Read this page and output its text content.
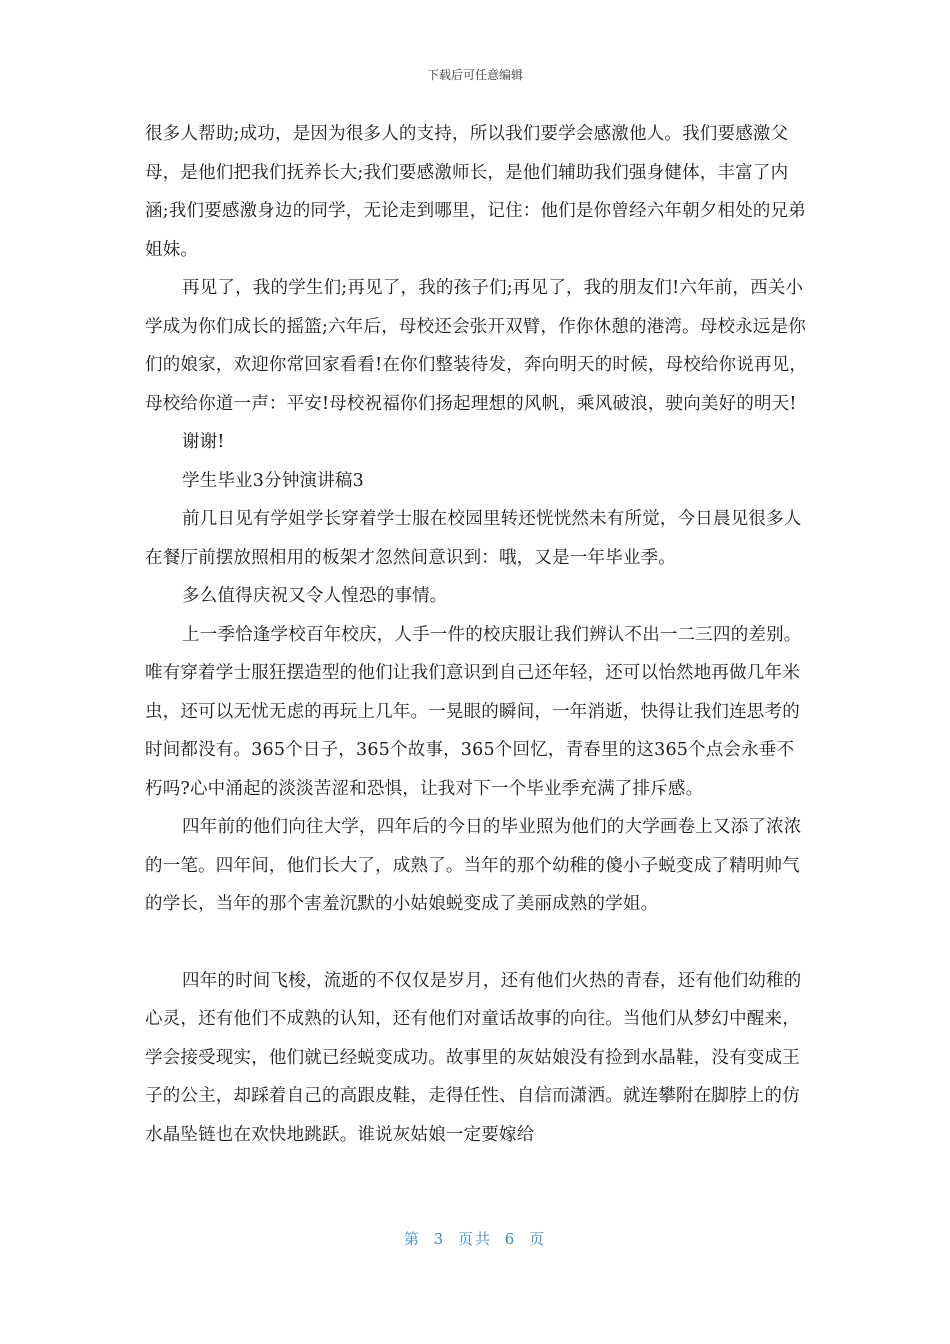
下载后可任意编辑

很多人帮助;成功，是因为很多人的支持，所以我们要学会感激他人。我们要感激父母，是他们把我们抚养长大;我们要感激师长，是他们辅助我们强身健体，丰富了内涵;我们要感激身边的同学，无论走到哪里，记住：他们是你曾经六年朝夕相处的兄弟姐妹。

再见了，我的学生们;再见了，我的孩子们;再见了，我的朋友们!六年前，西关小学成为你们成长的摇篮;六年后，母校还会张开双臂，作你休憩的港湾。母校永远是你们的娘家，欢迎你常回家看看!在你们整装待发，奔向明天的时候，母校给你说再见，母校给你道一声：平安!母校祝福你们扬起理想的风帆，乘风破浪，驶向美好的明天!

谢谢!

学生毕业3分钟演讲稿3

前几日见有学姐学长穿着学士服在校园里转还恍恍然未有所觉，今日晨见很多人在餐厅前摆放照相用的板架才忽然间意识到：哦，又是一年毕业季。

多么值得庆祝又令人惶恐的事情。

上一季恰逢学校百年校庆，人手一件的校庆服让我们辨认不出一二三四的差别。唯有穿着学士服狂摆造型的他们让我们意识到自己还年轻，还可以怡然地再做几年米虫，还可以无忧无虑的再玩上几年。一晃眼的瞬间，一年消逝，快得让我们连思考的时间都没有。365个日子，365个故事，365个回忆，青春里的这365个点会永垂不朽吗?心中涌起的淡淡苦涩和恐惧，让我对下一个毕业季充满了排斥感。

四年前的他们向往大学，四年后的今日的毕业照为他们的大学画卷上又添了浓浓的一笔。四年间，他们长大了，成熟了。当年的那个幼稚的傻小子蜕变成了精明帅气的学长，当年的那个害羞沉默的小姑娘蜕变成了美丽成熟的学姐。

四年的时间飞梭，流逝的不仅仅是岁月，还有他们火热的青春，还有他们幼稚的心灵，还有他们不成熟的认知，还有他们对童话故事的向往。当他们从梦幻中醒来，学会接受现实，他们就已经蜕变成功。故事里的灰姑娘没有捡到水晶鞋，没有变成王子的公主，却踩着自己的高跟皮鞋，走得任性、自信而潇洒。就连攀附在脚脖上的仿水晶坠链也在欢快地跳跃。谁说灰姑娘一定要嫁给

第 3 页共 6 页
